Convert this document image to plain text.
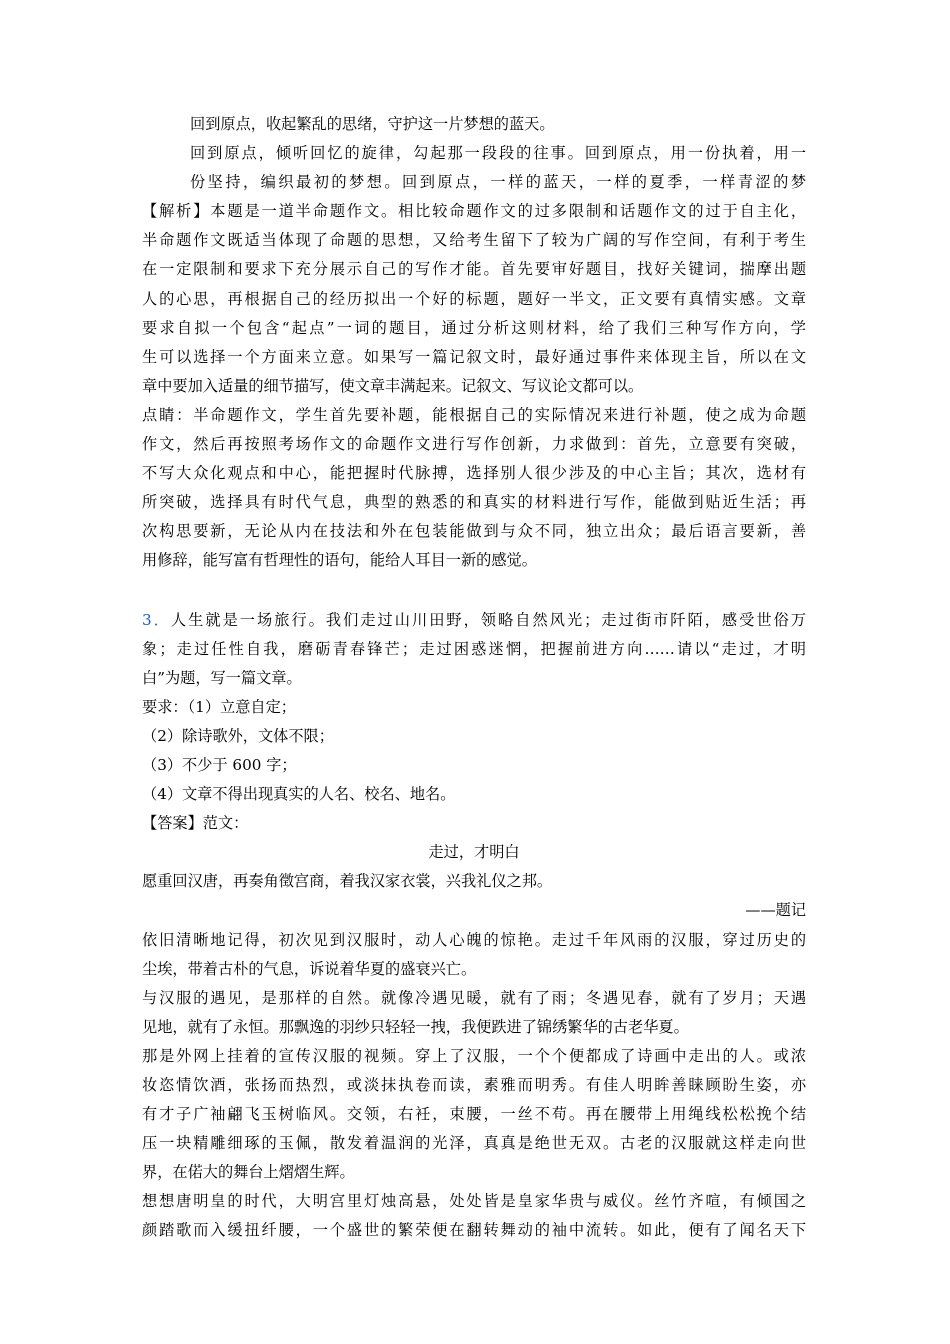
回到原点，收起繁乱的思绪，守护这一片梦想的蓝天。
回到原点，倾听回忆的旋律，勾起那一段段的往事。回到原点，用一份执着，用一
份坚持，编织最初的梦想。回到原点，一样的蓝天，一样的夏季，一样青涩的梦
【解析】本题是一道半命题作文。相比较命题作文的过多限制和话题作文的过于自主化，
半命题作文既适当体现了命题的思想，又给考生留下了较为广阔的写作空间，有利于考生
在一定限制和要求下充分展示自己的写作才能。首先要审好题目，找好关键词，揣摩出题
人的心思，再根据自己的经历拟出一个好的标题，题好一半文，正文要有真情实感。文章
要求自拟一个包含“起点”一词的题目，通过分析这则材料，给了我们三种写作方向，学
生可以选择一个方面来立意。如果写一篇记叙文时，最好通过事件来体现主旨，所以在文
章中要加入适量的细节描写，使文章丰满起来。记叙文、写议论文都可以。
点睛：半命题作文，学生首先要补题，能根据自己的实际情况来进行补题，使之成为命题
作文，然后再按照考场作文的命题作文进行写作创新，力求做到：首先，立意要有突破，
不写大众化观点和中心，能把握时代脉搏，选择别人很少涉及的中心主旨；其次，选材有
所突破，选择具有时代气息，典型的熟悉的和真实的材料进行写作，能做到贴近生活；再
次构思要新，无论从内在技法和外在包装能做到与众不同，独立出众；最后语言要新，善
用修辞，能写富有哲理性的语句，能给人耳目一新的感觉。
3．人生就是一场旅行。我们走过山川田野，领略自然风光；走过街市阡陌，感受世俗万
象；走过任性自我，磨砺青春锋芒；走过困惑迷惘，把握前进方向……请以“走过，才明
白”为题，写一篇文章。
要求：（1）立意自定；
（2）除诗歌外，文体不限；
（3）不少于 600 字；
（4）文章不得出现真实的人名、校名、地名。
【答案】范文：
走过，才明白
愿重回汉唐，再奏角徵宫商，着我汉家衣裳，兴我礼仪之邦。
——题记
依旧清晰地记得，初次见到汉服时，动人心魄的惊艳。走过千年风雨的汉服，穿过历史的
尘埃，带着古朴的气息，诉说着华夏的盛衰兴亡。
与汉服的遇见，是那样的自然。就像冷遇见暖，就有了雨；冬遇见春，就有了岁月；天遇
见地，就有了永恒。那飘逸的羽纱只轻轻一拽，我便跌进了锦绣繁华的古老华夏。
那是外网上挂着的宣传汉服的视频。穿上了汉服，一个个便都成了诗画中走出的人。或浓
妆恣情饮酒，张扬而热烈，或淡抹执卷而读，素雅而明秀。有佳人明眸善睐顾盼生姿，亦
有才子广袖翩飞玉树临风。交领，右衽，束腰，一丝不苟。再在腰带上用绳线松松挽个结
压一块精雕细琢的玉佩，散发着温润的光泽，真真是绝世无双。古老的汉服就这样走向世
界，在偌大的舞台上熠熠生辉。
想想唐明皇的时代，大明宫里灯烛高悬，处处皆是皇家华贵与威仪。丝竹齐喧，有倾国之
颜踏歌而入缓扭纤腰，一个盛世的繁荣便在翻转舞动的袖中流转。如此，便有了闻名天下
